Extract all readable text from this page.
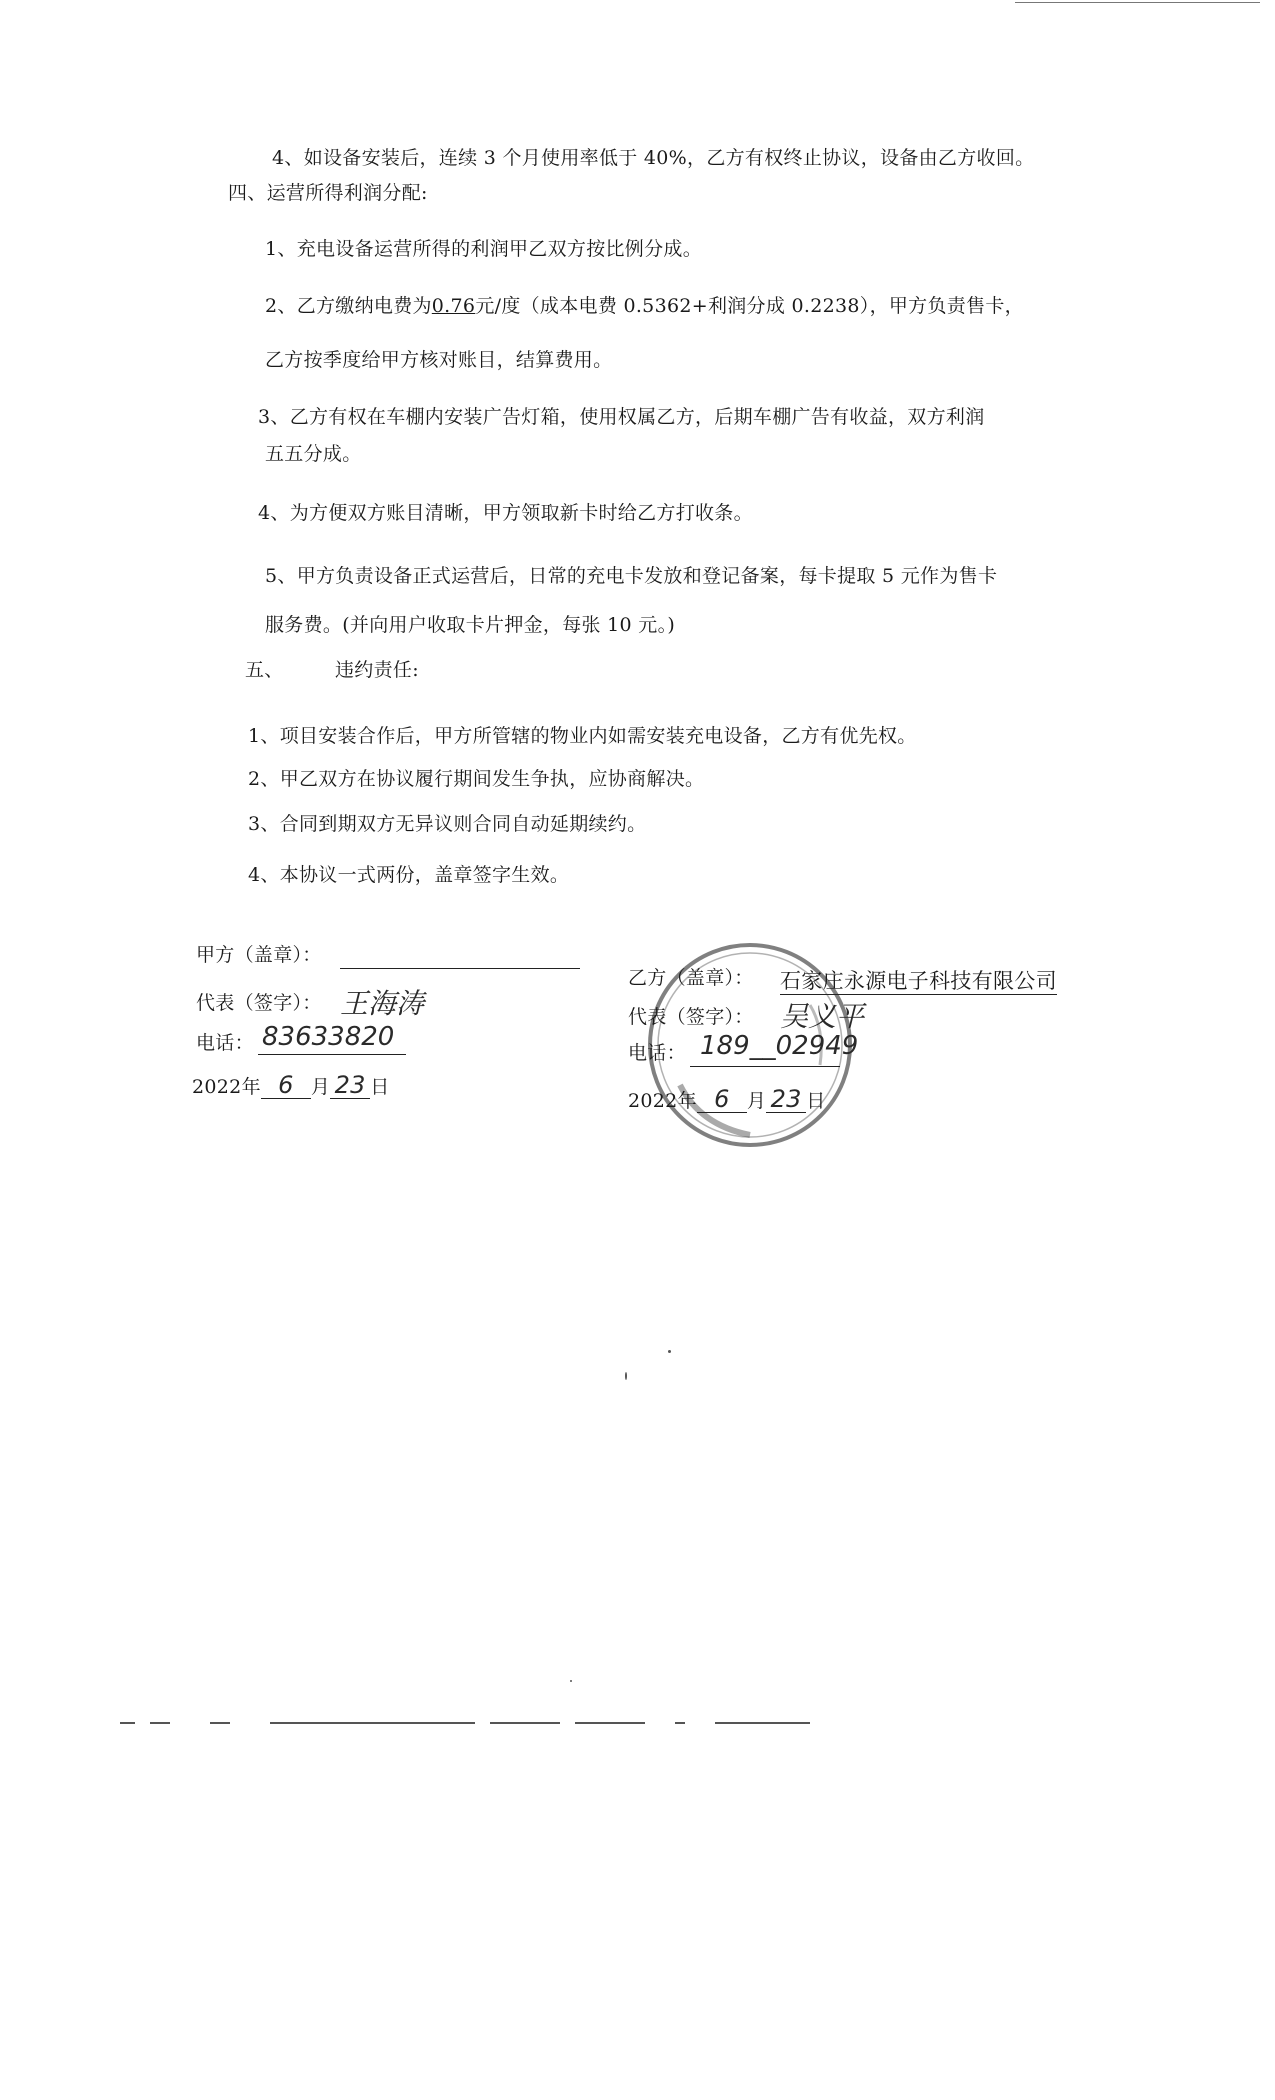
4、如设备安装后，连续 3 个月使用率低于 40%，乙方有权终止协议，设备由乙方收回。
四、运营所得利润分配:
1、充电设备运营所得的利润甲乙双方按比例分成。
2、乙方缴纳电费为0.76元/度（成本电费 0.5362+利润分成 0.2238），甲方负责售卡，
乙方按季度给甲方核对账目，结算费用。
3、乙方有权在车棚内安装广告灯箱，使用权属乙方，后期车棚广告有收益，双方利润
五五分成。
4、为方便双方账目清晰，甲方领取新卡时给乙方打收条。
5、甲方负责设备正式运营后，日常的充电卡发放和登记备案，每卡提取 5 元作为售卡
服务费。(并向用户收取卡片押金，每张 10 元。)
五、	违约责任:
1、项目安装合作后，甲方所管辖的物业内如需安装充电设备，乙方有优先权。
2、甲乙双方在协议履行期间发生争执，应协商解决。
3、合同到期双方无异议则合同自动延期续约。
4、本协议一式两份，盖章签字生效。
甲方（盖章）：
代表（签字）： 王海涛
电话： 83633820
2022年 6 月 23 日
乙方（盖章）： 石家庄永源电子科技有限公司
代表（签字）： 吴义平
电话： 189__02949
2022年 6 月 23 日
